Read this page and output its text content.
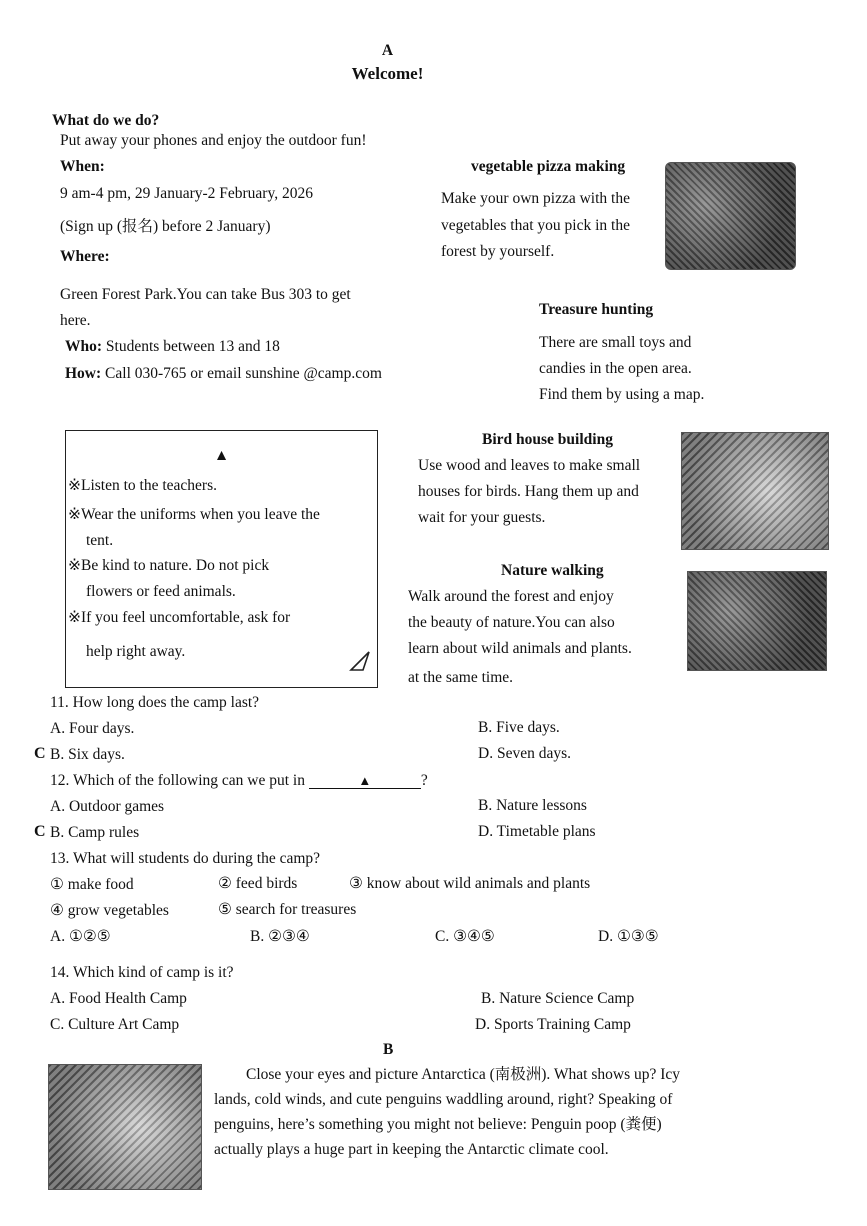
A
Welcome!
What do we do?
Put away your phones and enjoy the outdoor fun!
When:
9 am-4 pm, 29 January-2 February, 2026
(Sign up (报名) before 2 January)
Where:
Green Forest Park.You can take Bus 303 to get
here.
Who: Students between 13 and 18
How: Call 030-765 or email sunshine @camp.com
vegetable pizza making
Make your own pizza with the
vegetables that you pick in the
forest by yourself.
Treasure hunting
There are small toys and
candies in the open area.
Find them by using a map.
▲
※Listen to the teachers.
※Wear the uniforms when you leave the
tent.
※Be kind to nature. Do not pick
flowers or feed animals.
※If you feel uncomfortable, ask for
help right away.
Bird house building
Use wood and leaves to make small
houses for birds. Hang them up and
wait for your guests.
Nature walking
Walk around the forest and enjoy
the beauty of nature.You can also
learn about wild animals and plants.
at the same time.
11. How long does the camp last?
A. Four days.	B. Five days.
C B. Six days.	D. Seven days.
12. Which of the following can we put in	▲	?
A. Outdoor games	B. Nature lessons
C B. Camp rules	D. Timetable plans
13. What will students do during the camp?
① make food	② feed birds	③ know about wild animals and plants
④ grow vegetables	⑤ search for treasures
A. ①②⑤	B. ②③④	C. ③④⑤	D. ①③⑤
14. Which kind of camp is it?
A. Food Health Camp	B. Nature Science Camp
C. Culture Art Camp	D. Sports Training Camp
B
Close your eyes and picture Antarctica (南极洲). What shows up? Icy
lands, cold winds, and cute penguins waddling around, right? Speaking of
penguins, here’s something you might not believe: Penguin poop (粪便)
actually plays a huge part in keeping the Antarctic climate cool.
